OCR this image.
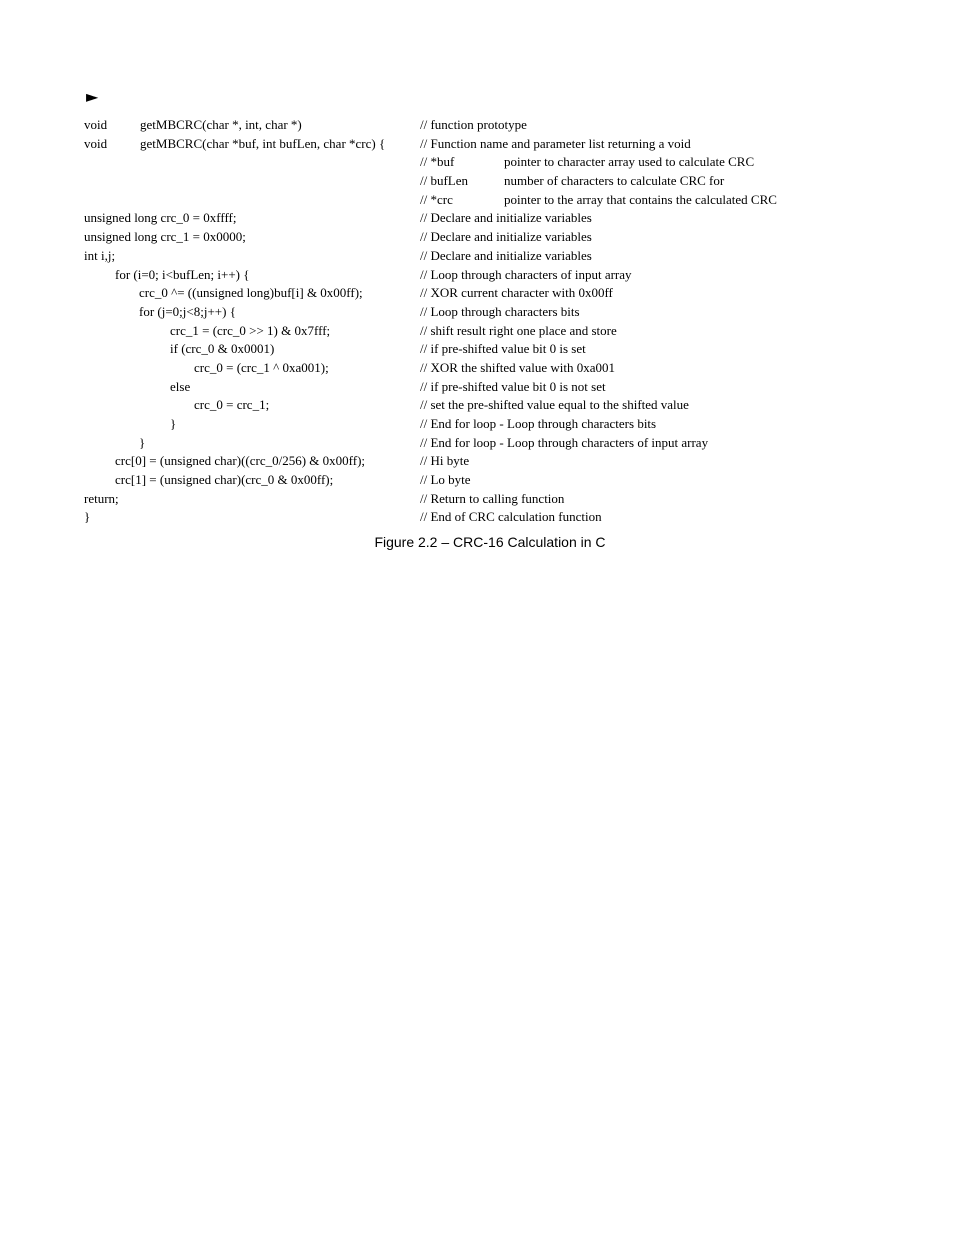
►
void	getMBCRC(char *, int, char *)	// function prototype
void	getMBCRC(char *buf, int bufLen, char *crc) {	// Function name and parameter list returning a void
// *buf	pointer to character array used to calculate CRC
// bufLen	number of characters to calculate CRC for
// *crc	pointer to the array that contains the calculated CRC
unsigned long crc_0 = 0xffff;	// Declare and initialize variables
unsigned long crc_1 = 0x0000;	// Declare and initialize variables
int i,j;	// Declare and initialize variables
for (i=0; i<bufLen; i++) {	// Loop through characters of input array
crc_0 ^= ((unsigned long)buf[i] & 0x00ff);	// XOR current character with 0x00ff
for (j=0;j<8;j++) {	// Loop through characters bits
crc_1 = (crc_0 >> 1) & 0x7fff;	// shift result right one place and store
if (crc_0 & 0x0001)	// if pre-shifted value bit 0 is set
crc_0 = (crc_1 ^ 0xa001);	// XOR the shifted value with 0xa001
else	// if pre-shifted value bit 0 is not set
crc_0 = crc_1;	// set the pre-shifted value equal to the shifted value
}	// End for loop - Loop through characters bits
}	// End for loop - Loop through characters of input array
crc[0] = (unsigned char)((crc_0/256) & 0x00ff);	// Hi byte
crc[1] = (unsigned char)(crc_0 & 0x00ff);	// Lo byte
return;	// Return to calling function
}	// End of CRC calculation function
Figure 2.2 – CRC-16 Calculation in C
